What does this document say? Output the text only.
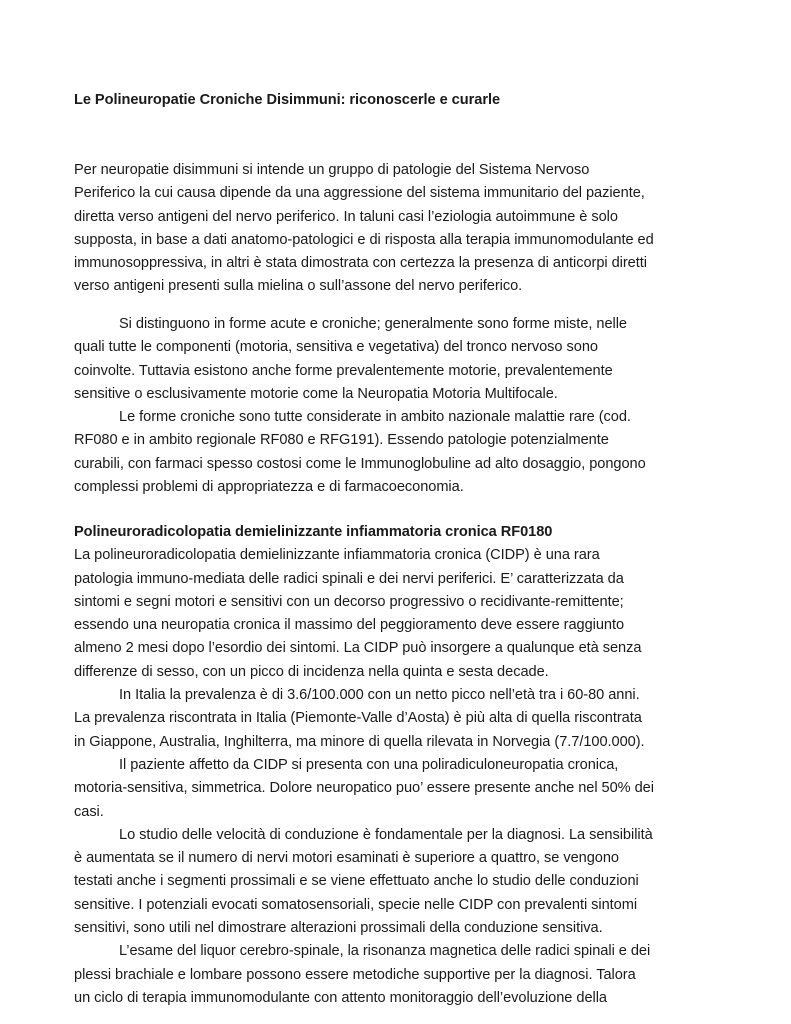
Le Polineuropatie Croniche Disimmuni: riconoscerle e curarle
Per neuropatie disimmuni si intende un gruppo di patologie del Sistema Nervoso
Periferico la cui causa dipende da una aggressione del sistema immunitario del paziente,
diretta verso antigeni del nervo periferico. In taluni casi l’eziologia autoimmune è solo
supposta, in base a dati anatomo-patologici e di risposta alla terapia immunomodulante ed
immunosoppressiva, in altri è stata dimostrata con certezza la presenza di anticorpi diretti
verso antigeni presenti sulla mielina o sull’assone del nervo periferico.
Si distinguono in forme acute e croniche; generalmente sono forme miste, nelle
quali tutte le componenti (motoria, sensitiva e vegetativa) del tronco nervoso sono
coinvolte. Tuttavia esistono anche forme prevalentemente motorie, prevalentemente
sensitive o esclusivamente motorie come la Neuropatia Motoria Multifocale.
Le forme croniche sono tutte considerate in ambito nazionale malattie rare (cod.
RF080 e in ambito regionale RF080 e RFG191). Essendo patologie potenzialmente
curabili, con farmaci spesso costosi come le Immunoglobuline ad alto dosaggio, pongono
complessi problemi di appropriatezza e di farmacoeconomia.
Polineuroradicolopatia demielinizzante infiammatoria cronica RF0180
La polineuroradicolopatia demielinizzante infiammatoria cronica (CIDP) è una rara
patologia immuno-mediata delle radici spinali e dei nervi periferici. E’ caratterizzata da
sintomi e segni motori e sensitivi con un decorso progressivo o recidivante-remittente;
essendo una neuropatia cronica il massimo del peggioramento deve essere raggiunto
almeno 2 mesi dopo l’esordio dei sintomi. La CIDP può insorgere a qualunque età senza
differenze di sesso, con un picco di incidenza nella quinta e sesta decade.
In Italia la prevalenza è di 3.6/100.000 con un netto picco nell’età tra i 60-80 anni.
La prevalenza riscontrata in Italia (Piemonte-Valle d’Aosta) è più alta di quella riscontrata
in Giappone, Australia, Inghilterra, ma minore di quella rilevata in Norvegia (7.7/100.000).
Il paziente affetto da CIDP si presenta con una poliradiculoneuropatia cronica,
motoria-sensitiva, simmetrica. Dolore neuropatico puo’ essere presente anche nel 50% dei
casi.
Lo studio delle velocità di conduzione è fondamentale per la diagnosi. La sensibilità
è aumentata se il numero di nervi motori esaminati è superiore a quattro, se vengono
testati anche i segmenti prossimali e se viene effettuato anche lo studio delle conduzioni
sensitive. I potenziali evocati somatosensoriali, specie nelle CIDP con prevalenti sintomi
sensitivi, sono utili nel dimostrare alterazioni prossimali della conduzione sensitiva.
L’esame del liquor cerebro-spinale, la risonanza magnetica delle radici spinali e dei
plessi brachiale e lombare possono essere metodiche supportive per la diagnosi. Talora
un ciclo di terapia immunomodulante con attento monitoraggio dell’evoluzione della
